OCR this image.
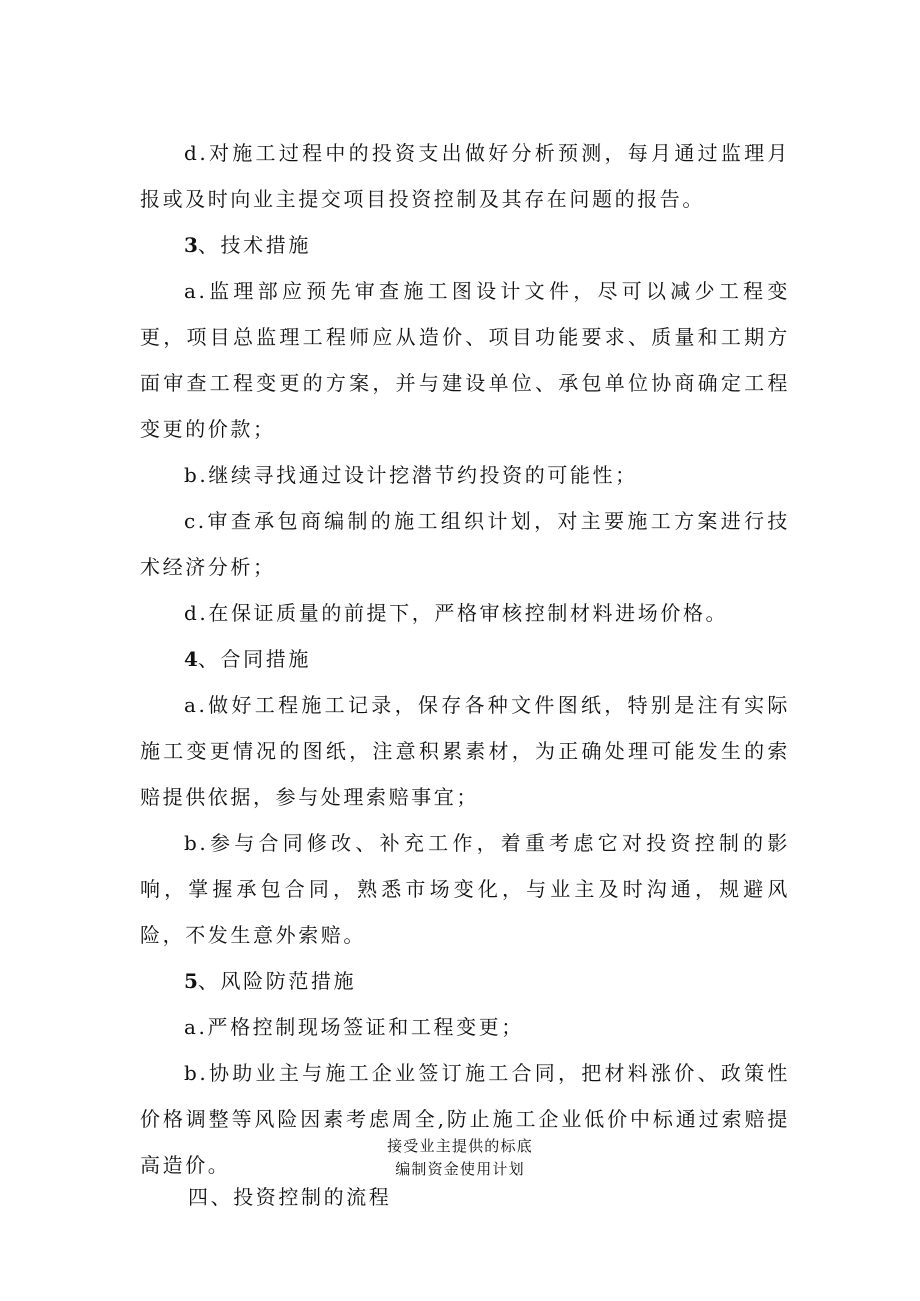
d.对施工过程中的投资支出做好分析预测，每月通过监理月报或及时向业主提交项目投资控制及其存在问题的报告。

3、技术措施

a.监理部应预先审查施工图设计文件，尽可以减少工程变更，项目总监理工程师应从造价、项目功能要求、质量和工期方面审查工程变更的方案，并与建设单位、承包单位协商确定工程变更的价款；

b.继续寻找通过设计挖潜节约投资的可能性；

c.审查承包商编制的施工组织计划，对主要施工方案进行技术经济分析；

d.在保证质量的前提下，严格审核控制材料进场价格。

4、合同措施

a.做好工程施工记录，保存各种文件图纸，特别是注有实际施工变更情况的图纸，注意积累素材，为正确处理可能发生的索赔提供依据，参与处理索赔事宜；

b.参与合同修改、补充工作，着重考虑它对投资控制的影响，掌握承包合同，熟悉市场变化，与业主及时沟通，规避风险，不发生意外索赔。

5、风险防范措施

a.严格控制现场签证和工程变更；

b.协助业主与施工企业签订施工合同，把材料涨价、政策性价格调整等风险因素考虑周全,防止施工企业低价中标通过索赔提高造价。

四、投资控制的流程

接受业主提供的标底
编制资金使用计划
